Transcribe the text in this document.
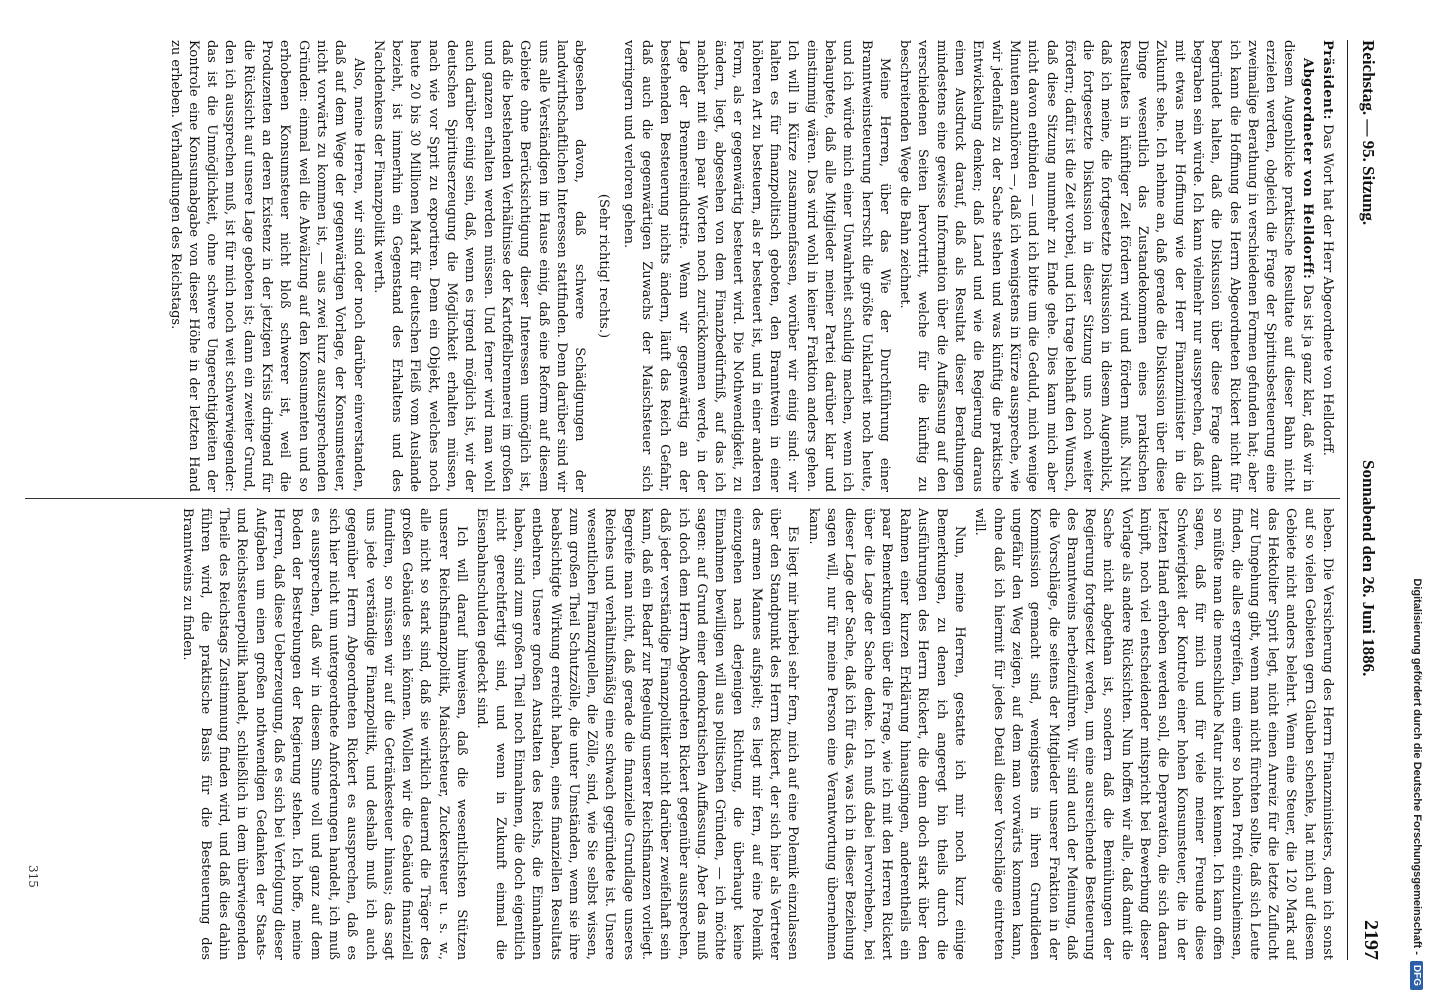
Reichstag. — 95. Sitzung.
Sonnabend den 26. Juni 1886.
2197

Präsident: Das Wort hat der Herr Abgeordnete von Helldorff.

Abgeordneter von Helldorff: Das ist ja ganz klar, daß wir in diesem Augenblicke praktische Resultate auf dieser Bahn nicht erzielen werden, obgleich die Frage der Spiritusbesteuerung eine zweimalige Berathung in verschiedenen Formen gefunden hat; aber ich kann die Hoffnung des Herrn Abgeordneten Rickert nicht für begründet halten, daß die Diskussion über diese Frage damit begraben sein würde. Ich kann vielmehr nur aussprechen, daß ich mit etwas mehr Hoffnung wie der Herr Finanzminister in die Zukunft sehe. Ich nehme an, daß gerade die Diskussion über diese Dinge wesentlich das Zustandekommen eines praktischen Resultates in künftiger Zeit fördern wird und fördern muß. Nicht daß ich meine, die fortgesetzte Diskussion in diesem Augenblick, die fortgesetzte Diskussion in dieser Sitzung uns noch weiter fördern; dafür ist die Zeit vorbei, und ich trage lebhaft den Wunsch, daß diese Sitzung nunmehr zu Ende gehe. Dies kann mich aber nicht davon entbinden — und ich bitte um die Geduld, mich wenige Minuten anzuhören —, daß ich wenigstens in Kürze ausspreche, wie wir jedenfalls zu der Sache stehen und was künftig die praktische Entwickelung denken; daß Land und wie die Regierung daraus einen Ausdruck darauf, daß als Resultat dieser Berathungen mindestens eine gewisse Information über die Auffassung auf den verschiedenen Seiten hervortritt, welche für die künftig zu beschreitenden Wege die Bahn zeichnet.

Meine Herren, über das Wie der Durchführung einer Branntweinsteuerung herrscht die größte Unklarheit noch heute, und ich würde mich einer Unwahrheit schuldig machen, wenn ich behauptete, daß alle Mitglieder meiner Partei darüber klar und einstimmig wären. Das wird wohl in keiner Fraktion anders gehen. Ich will in Kürze zusammenfassen, worüber wir einig sind: wir halten es für finanzpolitisch geboten, den Branntwein in einer höheren Art zu besteuern, als er besteuert ist, und in einer anderen Form, als er gegenwärtig besteuert wird. Die Nothwendigkeit, zu ändern, liegt, abgesehen von dem Finanzbedürfniß, auf das ich nachher mit ein paar Worten noch zurückkommen werde, in der Lage der Brennereiindustrie. Wenn wir gegenwärtig an der bestehenden Besteuerung nichts ändern, läuft das Reich Gefahr, daß auch die gegenwärtigen Zuwachs der Maischsteuer sich verringern und verloren gehen.

(Sehr richtig! rechts.)

abgesehen davon, daß schwere Schädigungen der landwirthschaftlichen Interessen stattfinden. Denn darüber sind wir uns alle Verständigen im Hause einig, daß eine Reform auf diesem Gebiete ohne Berücksichtigung dieser Interessen unmöglich ist, daß die bestehenden Verhältnisse der Kartoffelbrennerei im großen und ganzen erhalten werden müssen. Und ferner wird man wohl auch darüber einig sein, daß, wenn es irgend möglich ist, wir der deutschen Spirituserzeugung die Möglichkeit erhalten müssen, nach wie vor Sprit zu exportiren. Denn ein Objekt, welches noch heute 20 bis 30 Millionen Mark für deutschen Fleiß vom Auslande bezieht, ist immerhin ein Gegenstand des Erhaltens und des Nachdenkens der Finanzpolitik werth.

Also, meine Herren, wir sind oder noch darüber einverstanden, daß auf dem Wege der gegenwärtigen Vorlage, der Konsumsteuer, nicht vorwärts zu kommen ist, — aus zwei kurz auszusprechenden Gründen: einmal weil die Abwälzung auf den Konsumenten und so erhobenen Konsumsteuer nicht bloß schwerer ist, weil die Produzenten an deren Existenz in der jetzigen Krisis dringend für die Rücksicht auf unsere Lage geboten ist; dann ein zweiter Grund, den ich aussprechen muß, ist für mich noch weit schwerwiegender: das ist die Unmöglichkeit, ohne schwere Ungerechtigkeiten der Kontrole eine Konsumabgabe von dieser Höhe in der letzten Hand zu erheben. Verhandlungen des Reichstags.

heben. Die Versicherung des Herrn Finanzministers, dem ich sonst auf so vielen Gebieten gern Glauben schenke, hat mich auf diesem Gebiete nicht anders belehrt. Wenn eine Steuer, die 120 Mark auf das Hektoliter Sprit legt, nicht einen Anreiz für die letzte Zuflucht zur Umgehung gibt, wenn man nicht fürchten sollte, daß sich Leute finden, die alles ergreifen, um einer so hohen Profit einzuheimsen, so müßte man die menschliche Natur nicht kennen. Ich kann offen sagen, daß für mich und für viele meiner Freunde diese Schwierigkeit der Kontrole einer hohen Konsumsteuer, die in der letzten Hand erhoben werden soll, die Depravation, die sich daran knüpft, noch viel entscheidender mitspricht bei Bewerbung dieser Vorlage als andere Rücksichten. Nun hoffen wir alle, daß damit die Sache nicht abgethan ist, sondern daß die Bemühungen der Regierung fortgesetzt werden, um eine ausreichende Besteuerung des Branntweins herbeizuführen. Wir sind auch der Meinung, daß die Vorschläge, die seitens der Mitglieder unserer Fraktion in der Kommission gemacht sind, wenigstens in ihren Grundideen ungefähr den Weg zeigen, auf dem man vorwärts kommen kann, ohne daß ich hiermit für jedes Detail dieser Vorschläge eintreten will.

Nun, meine Herren, gestatte ich mir noch kurz einige Bemerkungen, zu denen ich angeregt bin theils durch die Ausführungen des Herrn Rickert, die denn doch stark über den Rahmen einer kurzen Erklärung hinausgingen, anderentheils ein paar Bemerkungen über die Frage, wie ich mit den Herren Rickert über die Lage der Sache denke. Ich muß dabei hervorheben, bei dieser Lage der Sache, daß ich für das, was ich in dieser Beziehung sagen will, nur für meine Person eine Verantwortung übernehmen kann.

Es liegt mir hierbei sehr fern, mich auf eine Polemik einzulassen über den Standpunkt des Herrn Rickert, der sich hier als Vertreter des armen Mannes aufspielt; es liegt mir fern, auf eine Polemik einzugehen nach derjenigen Richtung, die überhaupt keine Einnahmen bewilligen will aus politischen Gründen, — ich möchte sagen: auf Grund einer demokratischen Auffassung. Aber das muß ich doch dem Herrn Abgeordneten Rickert gegenüber aussprechen, daß jeder verständige Finanzpolitiker nicht darüber zweifelhaft sein kann, daß ein Bedarf zur Regelung unserer Reichsfinanzen vorliegt. Begreife man nicht, daß gerade die finanzielle Grundlage unseres Reiches und verhältnißmäßig eine schwach gegründete ist. Unsere wesentlichen Finanzquellen, die Zölle, sind, wie Sie selbst wissen, zum großen Theil Schutzzölle, die unter Umständen, wenn sie ihre beabsichtigte Wirkung erreicht haben, eines finanziellen Resultats entbehren. Unsere großen Anstalten des Reichs, die Einnahmen haben, sind zum großen Theil noch Einnahmen, die doch eigentlich nicht gerechtfertigt sind, und wenn in Zukunft einmal die Eisenbahnschulden gedeckt sind.

Ich will darauf hinweisen, daß die wesentlichsten Stützen unserer Reichsfinanzpolitik, Maischsteuer, Zuckersteuer u. s. w., alle nicht so stark sind, daß sie wirklich dauernd die Träger des großen Gebäudes sein können. Wollen wir die Gebäude finanziell fundiren, so müssen wir auf die Getränkesteuer hinaus; das sagt uns jede verständige Finanzpolitik, und deshalb muß ich auch gegenüber Herrn Abgeordneten Rickert es aussprechen, daß es sich hier nicht um untergeordnete Anforderungen handelt, ich muß es aussprechen, daß wir in diesem Sinne voll und ganz auf dem Boden der Bestrebungen der Regierung stehen. Ich hoffe, meine Herren, daß diese Ueberzeugung, daß es sich bei Verfolgung dieser Aufgaben um einen großen nothwendigen Gedanken der Staats- und Reichssteuerpolitik handelt, schließlich in dem überwiegenden Theile des Reichstags Zustimmung finden wird, und daß dies dahin führen wird, die praktische Basis für die Besteuerung des Branntweins zu finden.

315	Digitalisierung gefördert durch die Deutsche Forschungsgemeinschaft -
DFG
